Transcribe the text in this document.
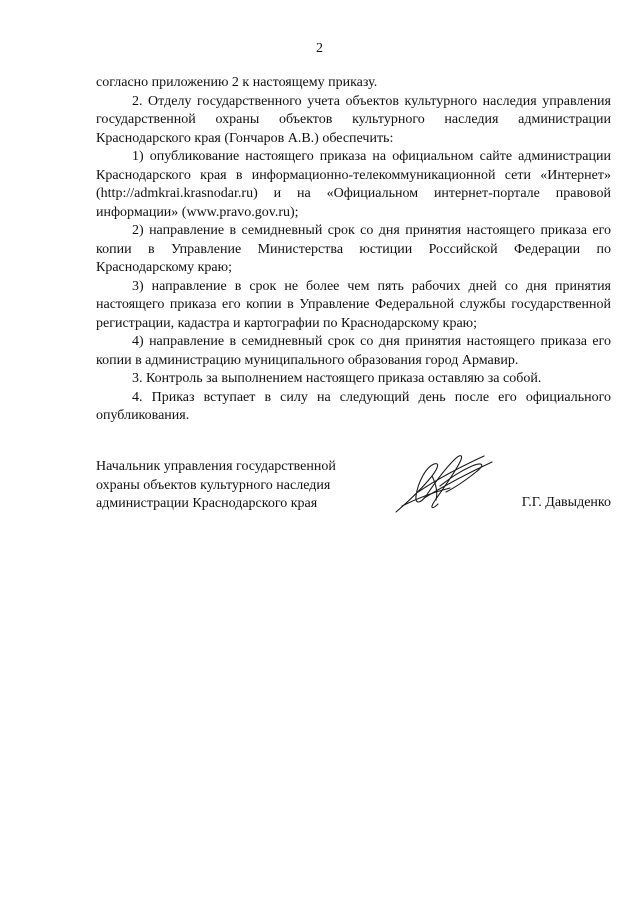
2

согласно приложению 2 к настоящему приказу.

2. Отделу государственного учета объектов культурного наследия управления государственной охраны объектов культурного наследия администрации Краснодарского края (Гончаров А.В.) обеспечить:

1) опубликование настоящего приказа на официальном сайте администрации Краснодарского края в информационно-телекоммуникационной сети «Интернет» (http://admkrai.krasnodar.ru) и на «Официальном интернет-портале правовой информации» (www.pravo.gov.ru);

2) направление в семидневный срок со дня принятия настоящего приказа его копии в Управление Министерства юстиции Российской Федерации по Краснодарскому краю;

3) направление в срок не более чем пять рабочих дней со дня принятия настоящего приказа его копии в Управление Федеральной службы государственной регистрации, кадастра и картографии по Краснодарскому краю;

4) направление в семидневный срок со дня принятия настоящего приказа его копии в администрацию муниципального образования город Армавир.

3. Контроль за выполнением настоящего приказа оставляю за собой.

4. Приказ вступает в силу на следующий день после его официального опубликования.

Начальник управления государственной
охраны объектов культурного наследия
администрации Краснодарского края	Г.Г. Давыденко
